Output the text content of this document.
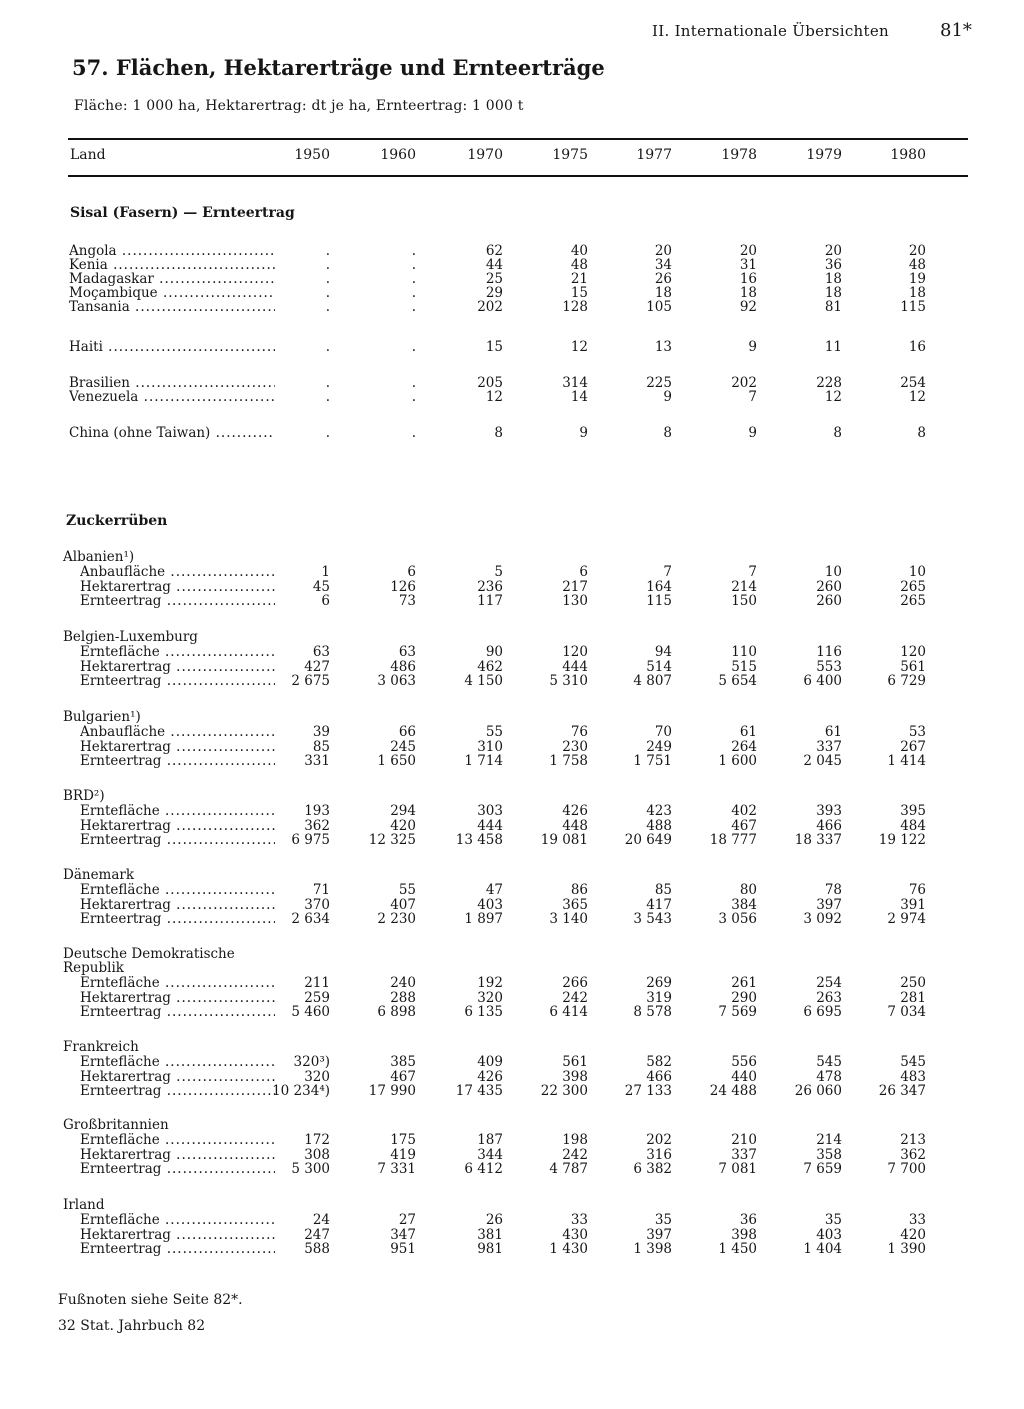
II. Internationale Übersichten	81*
57. Flächen, Hektarerträge und Ernteerträge
Fläche: 1 000 ha, Hektarertrag: dt je ha, Ernteertrag: 1 000 t
Land	1950	1960	1970	1975	1977	1978	1979	1980
Sisal (Fasern) — Ernteertrag
Angola .....	.	.	62	40	20	20	20	20
Kenia .....	.	.	44	48	34	31	36	48
Madagaskar .....	.	.	25	21	26	16	18	19
Moçambique .....	.	.	29	15	18	18	18	18
Tansania .....	.	.	202	128	105	92	81	115
Haiti .....	.	.	15	12	13	9	11	16
Brasilien .....	.	.	205	314	225	202	228	254
Venezuela .....	.	.	12	14	9	7	12	12
China (ohne Taiwan) .....	.	.	8	9	8	9	8	8
Zuckerrüben
Albanien¹)
Anbaufläche .....	1	6	5	6	7	7	10	10
Hektarertrag .....	45	126	236	217	164	214	260	265
Ernteertrag .....	6	73	117	130	115	150	260	265
Belgien-Luxemburg
Erntefläche .....	63	63	90	120	94	110	116	120
Hektarertrag .....	427	486	462	444	514	515	553	561
Ernteertrag .....	2 675	3 063	4 150	5 310	4 807	5 654	6 400	6 729
Bulgarien¹)
Anbaufläche .....	39	66	55	76	70	61	61	53
Hektarertrag .....	85	245	310	230	249	264	337	267
Ernteertrag .....	331	1 650	1 714	1 758	1 751	1 600	2 045	1 414
BRD²)
Erntefläche .....	193	294	303	426	423	402	393	395
Hektarertrag .....	362	420	444	448	488	467	466	484
Ernteertrag .....	6 975	12 325	13 458	19 081	20 649	18 777	18 337	19 122
Dänemark
Erntefläche .....	71	55	47	86	85	80	78	76
Hektarertrag .....	370	407	403	365	417	384	397	391
Ernteertrag .....	2 634	2 230	1 897	3 140	3 543	3 056	3 092	2 974
Deutsche Demokratische
Republik
Erntefläche .....	211	240	192	266	269	261	254	250
Hektarertrag .....	259	288	320	242	319	290	263	281
Ernteertrag .....	5 460	6 898	6 135	6 414	8 578	7 569	6 695	7 034
Frankreich
Erntefläche .....	320³)	385	409	561	582	556	545	545
Hektarertrag .....	320	467	426	398	466	440	478	483
Ernteertrag .....	10 234⁴)	17 990	17 435	22 300	27 133	24 488	26 060	26 347
Großbritannien
Erntefläche .....	172	175	187	198	202	210	214	213
Hektarertrag .....	308	419	344	242	316	337	358	362
Ernteertrag .....	5 300	7 331	6 412	4 787	6 382	7 081	7 659	7 700
Irland
Erntefläche .....	24	27	26	33	35	36	35	33
Hektarertrag .....	247	347	381	430	397	398	403	420
Ernteertrag .....	588	951	981	1 430	1 398	1 450	1 404	1 390
Fußnoten siehe Seite 82*.
32 Stat. Jahrbuch 82
